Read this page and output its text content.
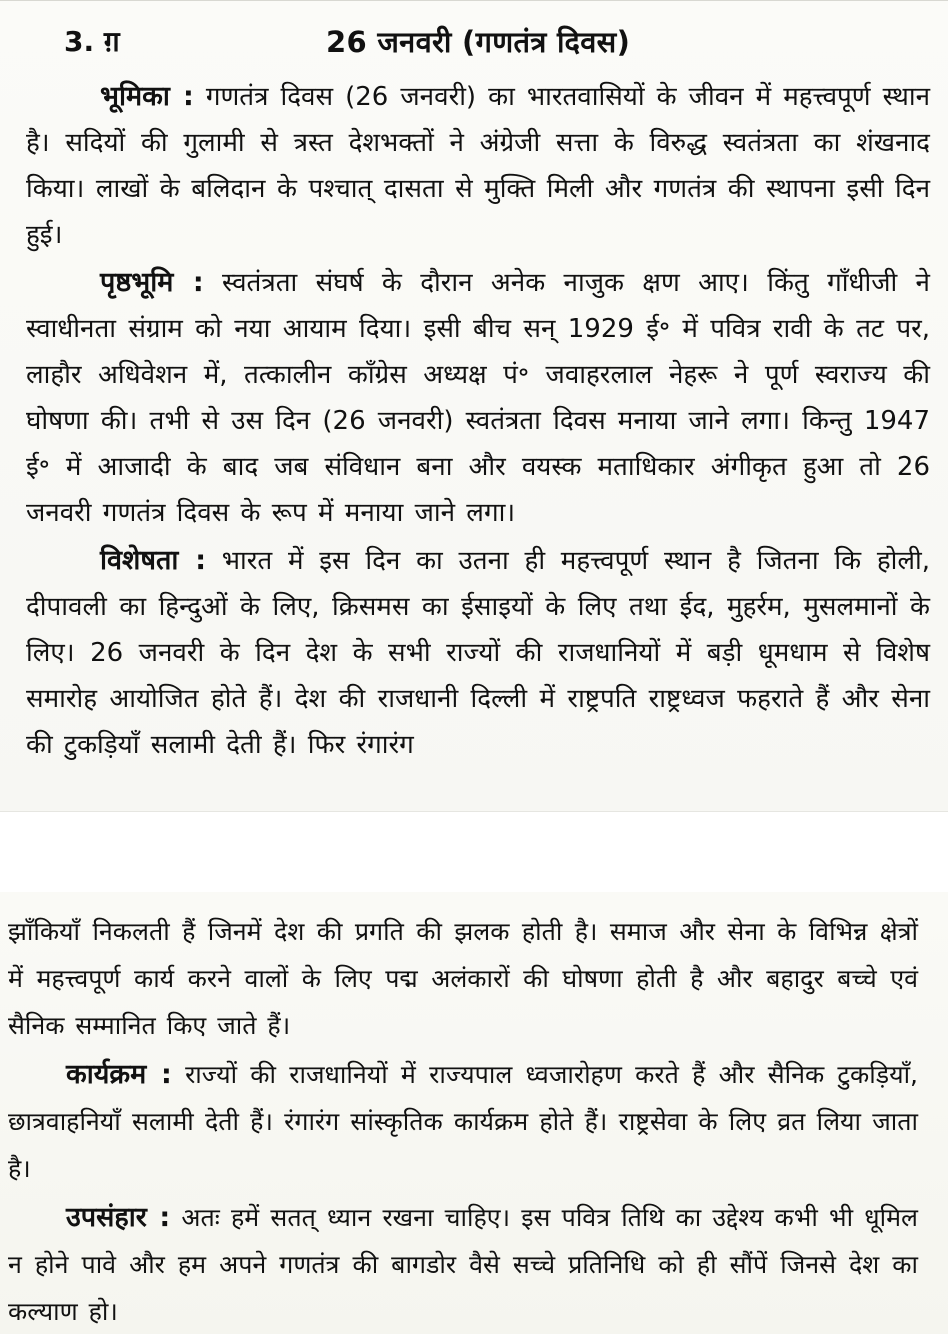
3. ग़	26 जनवरी (गणतंत्र दिवस)

भूमिका : गणतंत्र दिवस (26 जनवरी) का भारतवासियों के जीवन में महत्त्वपूर्ण स्थान है। सदियों की गुलामी से त्रस्त देशभक्तों ने अंग्रेजी सत्ता के विरुद्ध स्वतंत्रता का शंखनाद किया। लाखों के बलिदान के पश्चात् दासता से मुक्ति मिली और गणतंत्र की स्थापना इसी दिन हुई।

पृष्ठभूमि : स्वतंत्रता संघर्ष के दौरान अनेक नाजुक क्षण आए। किंतु गाँधीजी ने स्वाधीनता संग्राम को नया आयाम दिया। इसी बीच सन् 1929 ई॰ में पवित्र रावी के तट पर, लाहौर अधिवेशन में, तत्कालीन काँग्रेस अध्यक्ष पं॰ जवाहरलाल नेहरू ने पूर्ण स्वराज्य की घोषणा की। तभी से उस दिन (26 जनवरी) स्वतंत्रता दिवस मनाया जाने लगा। किन्तु 1947 ई॰ में आजादी के बाद जब संविधान बना और वयस्क मताधिकार अंगीकृत हुआ तो 26 जनवरी गणतंत्र दिवस के रूप में मनाया जाने लगा।

विशेषता : भारत में इस दिन का उतना ही महत्त्वपूर्ण स्थान है जितना कि होली, दीपावली का हिन्दुओं के लिए, क्रिसमस का ईसाइयों के लिए तथा ईद, मुहर्रम, मुसलमानों के लिए। 26 जनवरी के दिन देश के सभी राज्यों की राजधानियों में बड़ी धूमधाम से विशेष समारोह आयोजित होते हैं। देश की राजधानी दिल्ली में राष्ट्रपति राष्ट्रध्वज फहराते हैं और सेना की टुकड़ियाँ सलामी देती हैं। फिर रंगारंग

झाँकियाँ निकलती हैं जिनमें देश की प्रगति की झलक होती है। समाज और सेना के विभिन्न क्षेत्रों में महत्त्वपूर्ण कार्य करने वालों के लिए पद्म अलंकारों की घोषणा होती है और बहादुर बच्चे एवं सैनिक सम्मानित किए जाते हैं।

कार्यक्रम : राज्यों की राजधानियों में राज्यपाल ध्वजारोहण करते हैं और सैनिक टुकड़ियाँ, छात्रवाहनियाँ सलामी देती हैं। रंगारंग सांस्कृतिक कार्यक्रम होते हैं। राष्ट्रसेवा के लिए व्रत लिया जाता है।

उपसंहार : अतः हमें सतत् ध्यान रखना चाहिए। इस पवित्र तिथि का उद्देश्य कभी भी धूमिल न होने पावे और हम अपने गणतंत्र की बागडोर वैसे सच्चे प्रतिनिधि को ही सौंपें जिनसे देश का कल्याण हो।
